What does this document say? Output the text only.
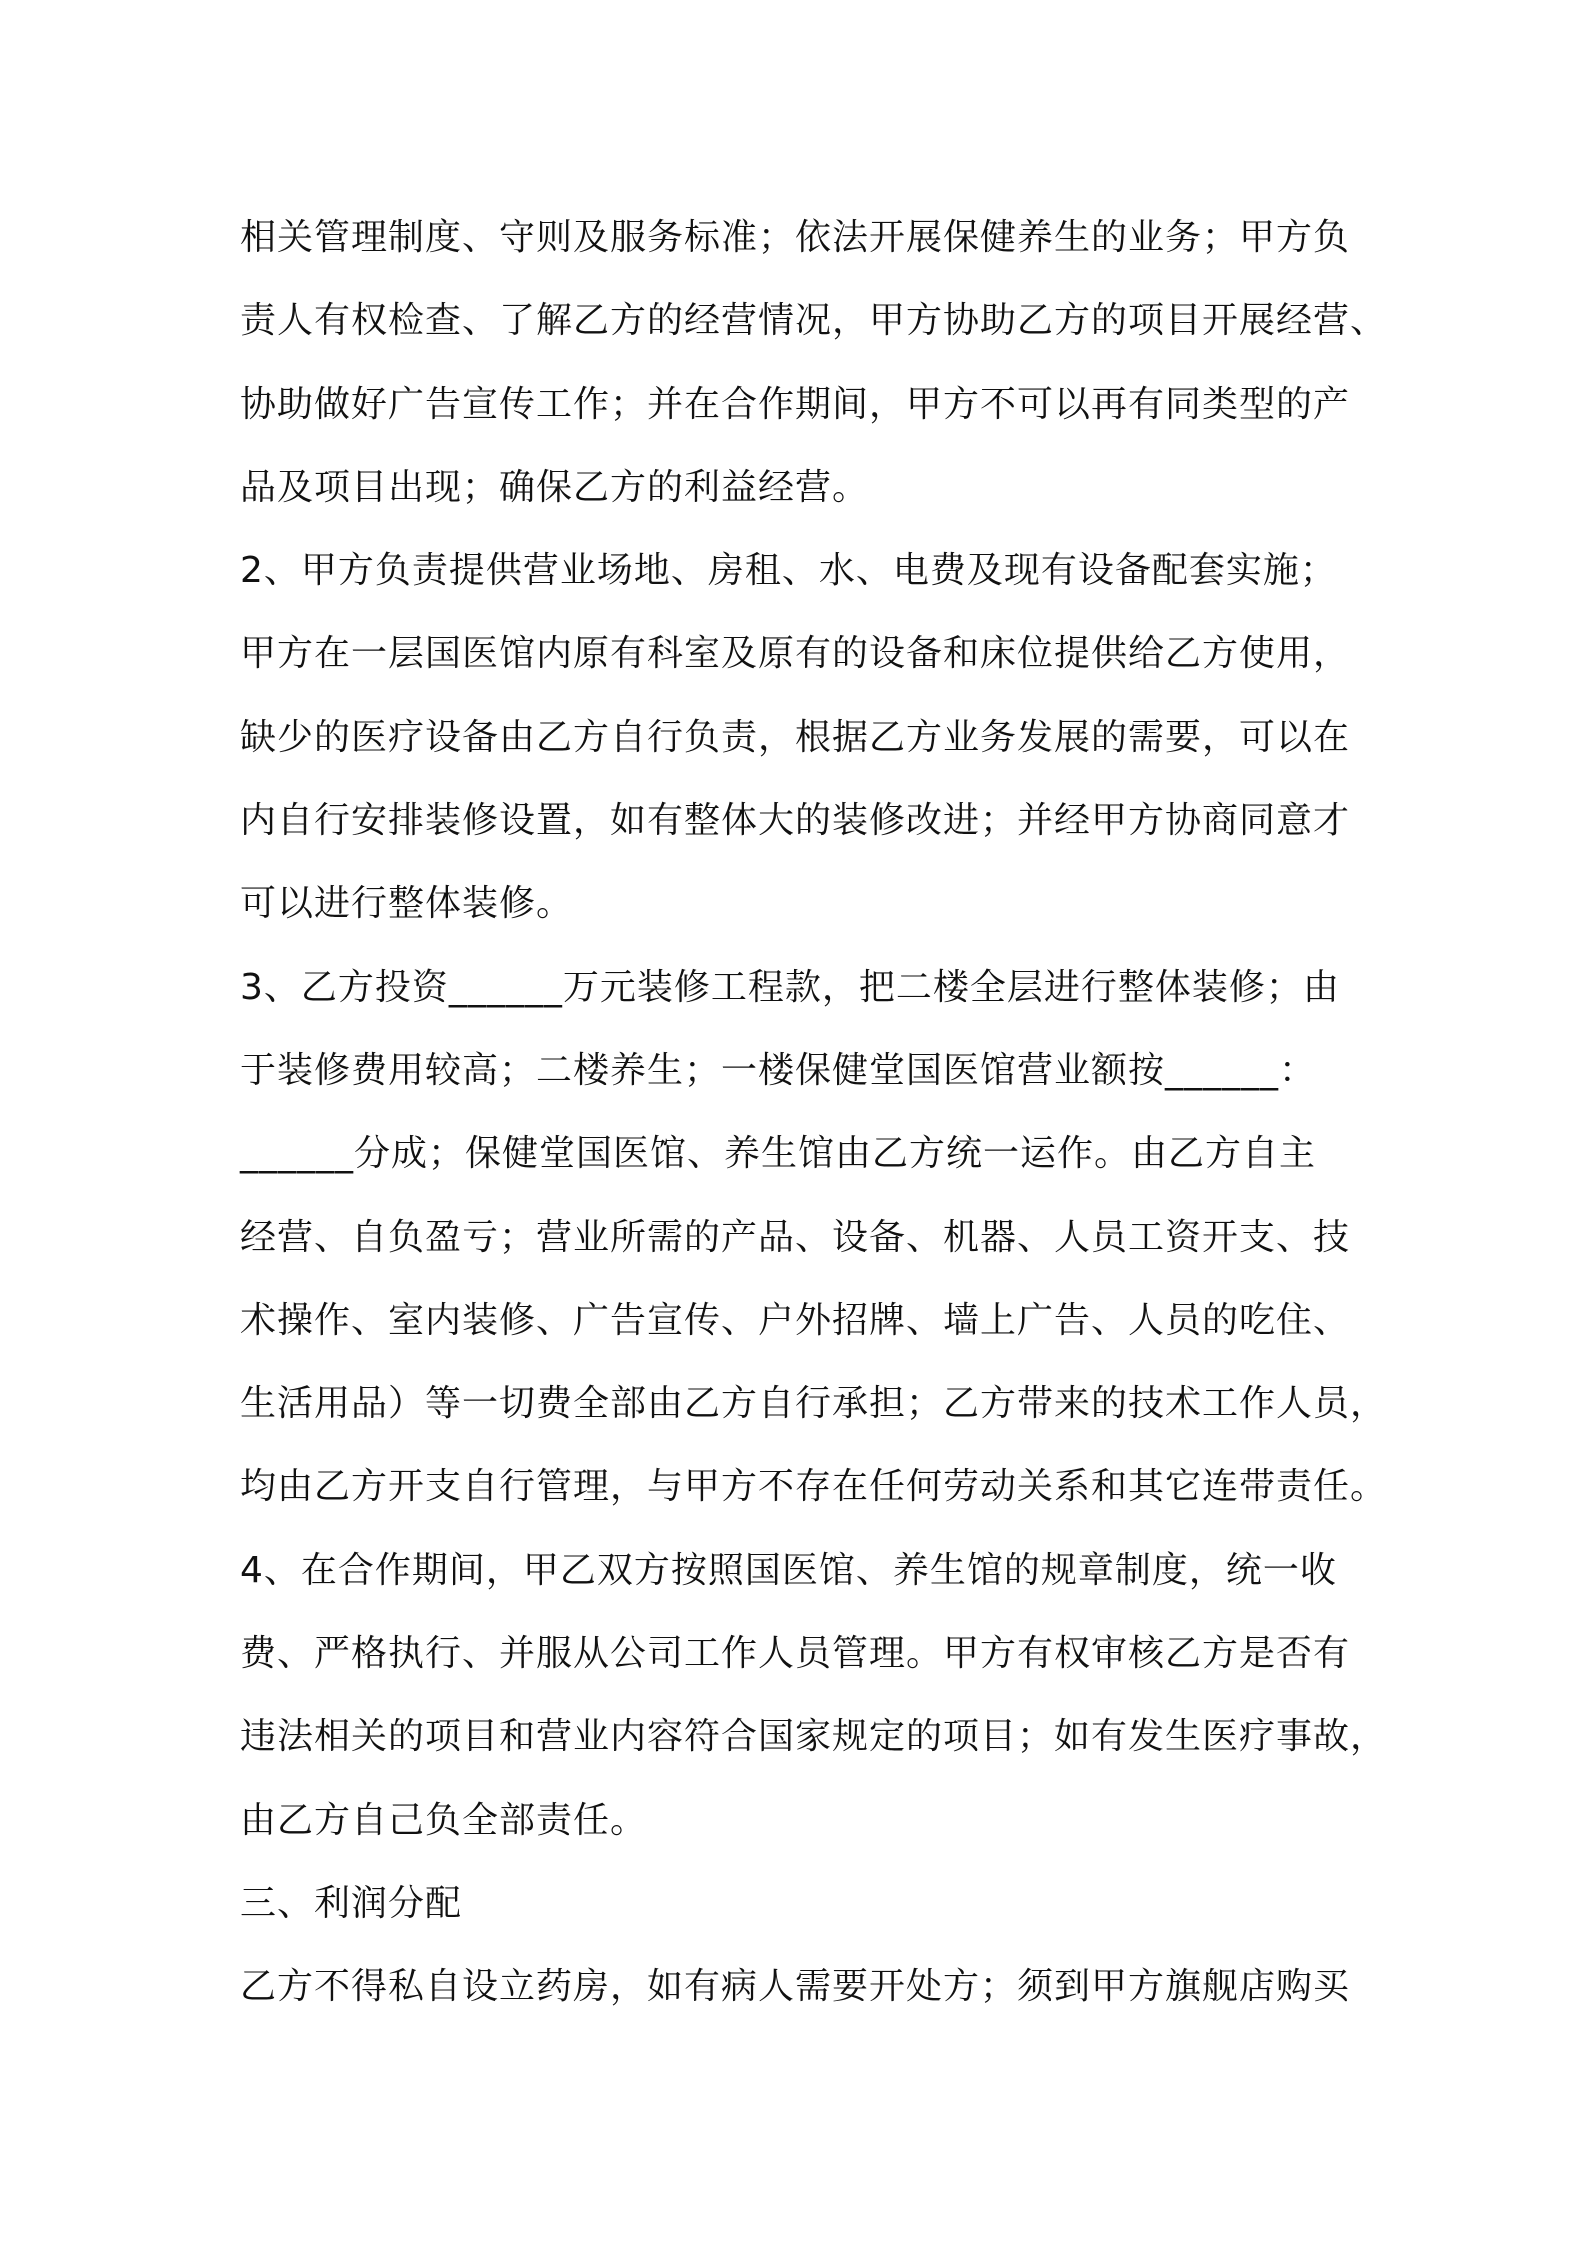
相关管理制度、守则及服务标准；依法开展保健养生的业务；甲方负
责人有权检查、了解乙方的经营情况，甲方协助乙方的项目开展经营、
协助做好广告宣传工作；并在合作期间，甲方不可以再有同类型的产
品及项目出现；确保乙方的利益经营。
2、甲方负责提供营业场地、房租、水、电费及现有设备配套实施；
甲方在一层国医馆内原有科室及原有的设备和床位提供给乙方使用，
缺少的医疗设备由乙方自行负责，根据乙方业务发展的需要，可以在
内自行安排装修设置，如有整体大的装修改进；并经甲方协商同意才
可以进行整体装修。
3、乙方投资______万元装修工程款，把二楼全层进行整体装修；由
于装修费用较高；二楼养生；一楼保健堂国医馆营业额按______：
______分成；保健堂国医馆、养生馆由乙方统一运作。由乙方自主
经营、自负盈亏；营业所需的产品、设备、机器、人员工资开支、技
术操作、室内装修、广告宣传、户外招牌、墙上广告、人员的吃住、
生活用品）等一切费全部由乙方自行承担；乙方带来的技术工作人员，
均由乙方开支自行管理，与甲方不存在任何劳动关系和其它连带责任。
4、在合作期间，甲乙双方按照国医馆、养生馆的规章制度，统一收
费、严格执行、并服从公司工作人员管理。甲方有权审核乙方是否有
违法相关的项目和营业内容符合国家规定的项目；如有发生医疗事故，
由乙方自己负全部责任。
三、利润分配
乙方不得私自设立药房，如有病人需要开处方；须到甲方旗舰店购买
